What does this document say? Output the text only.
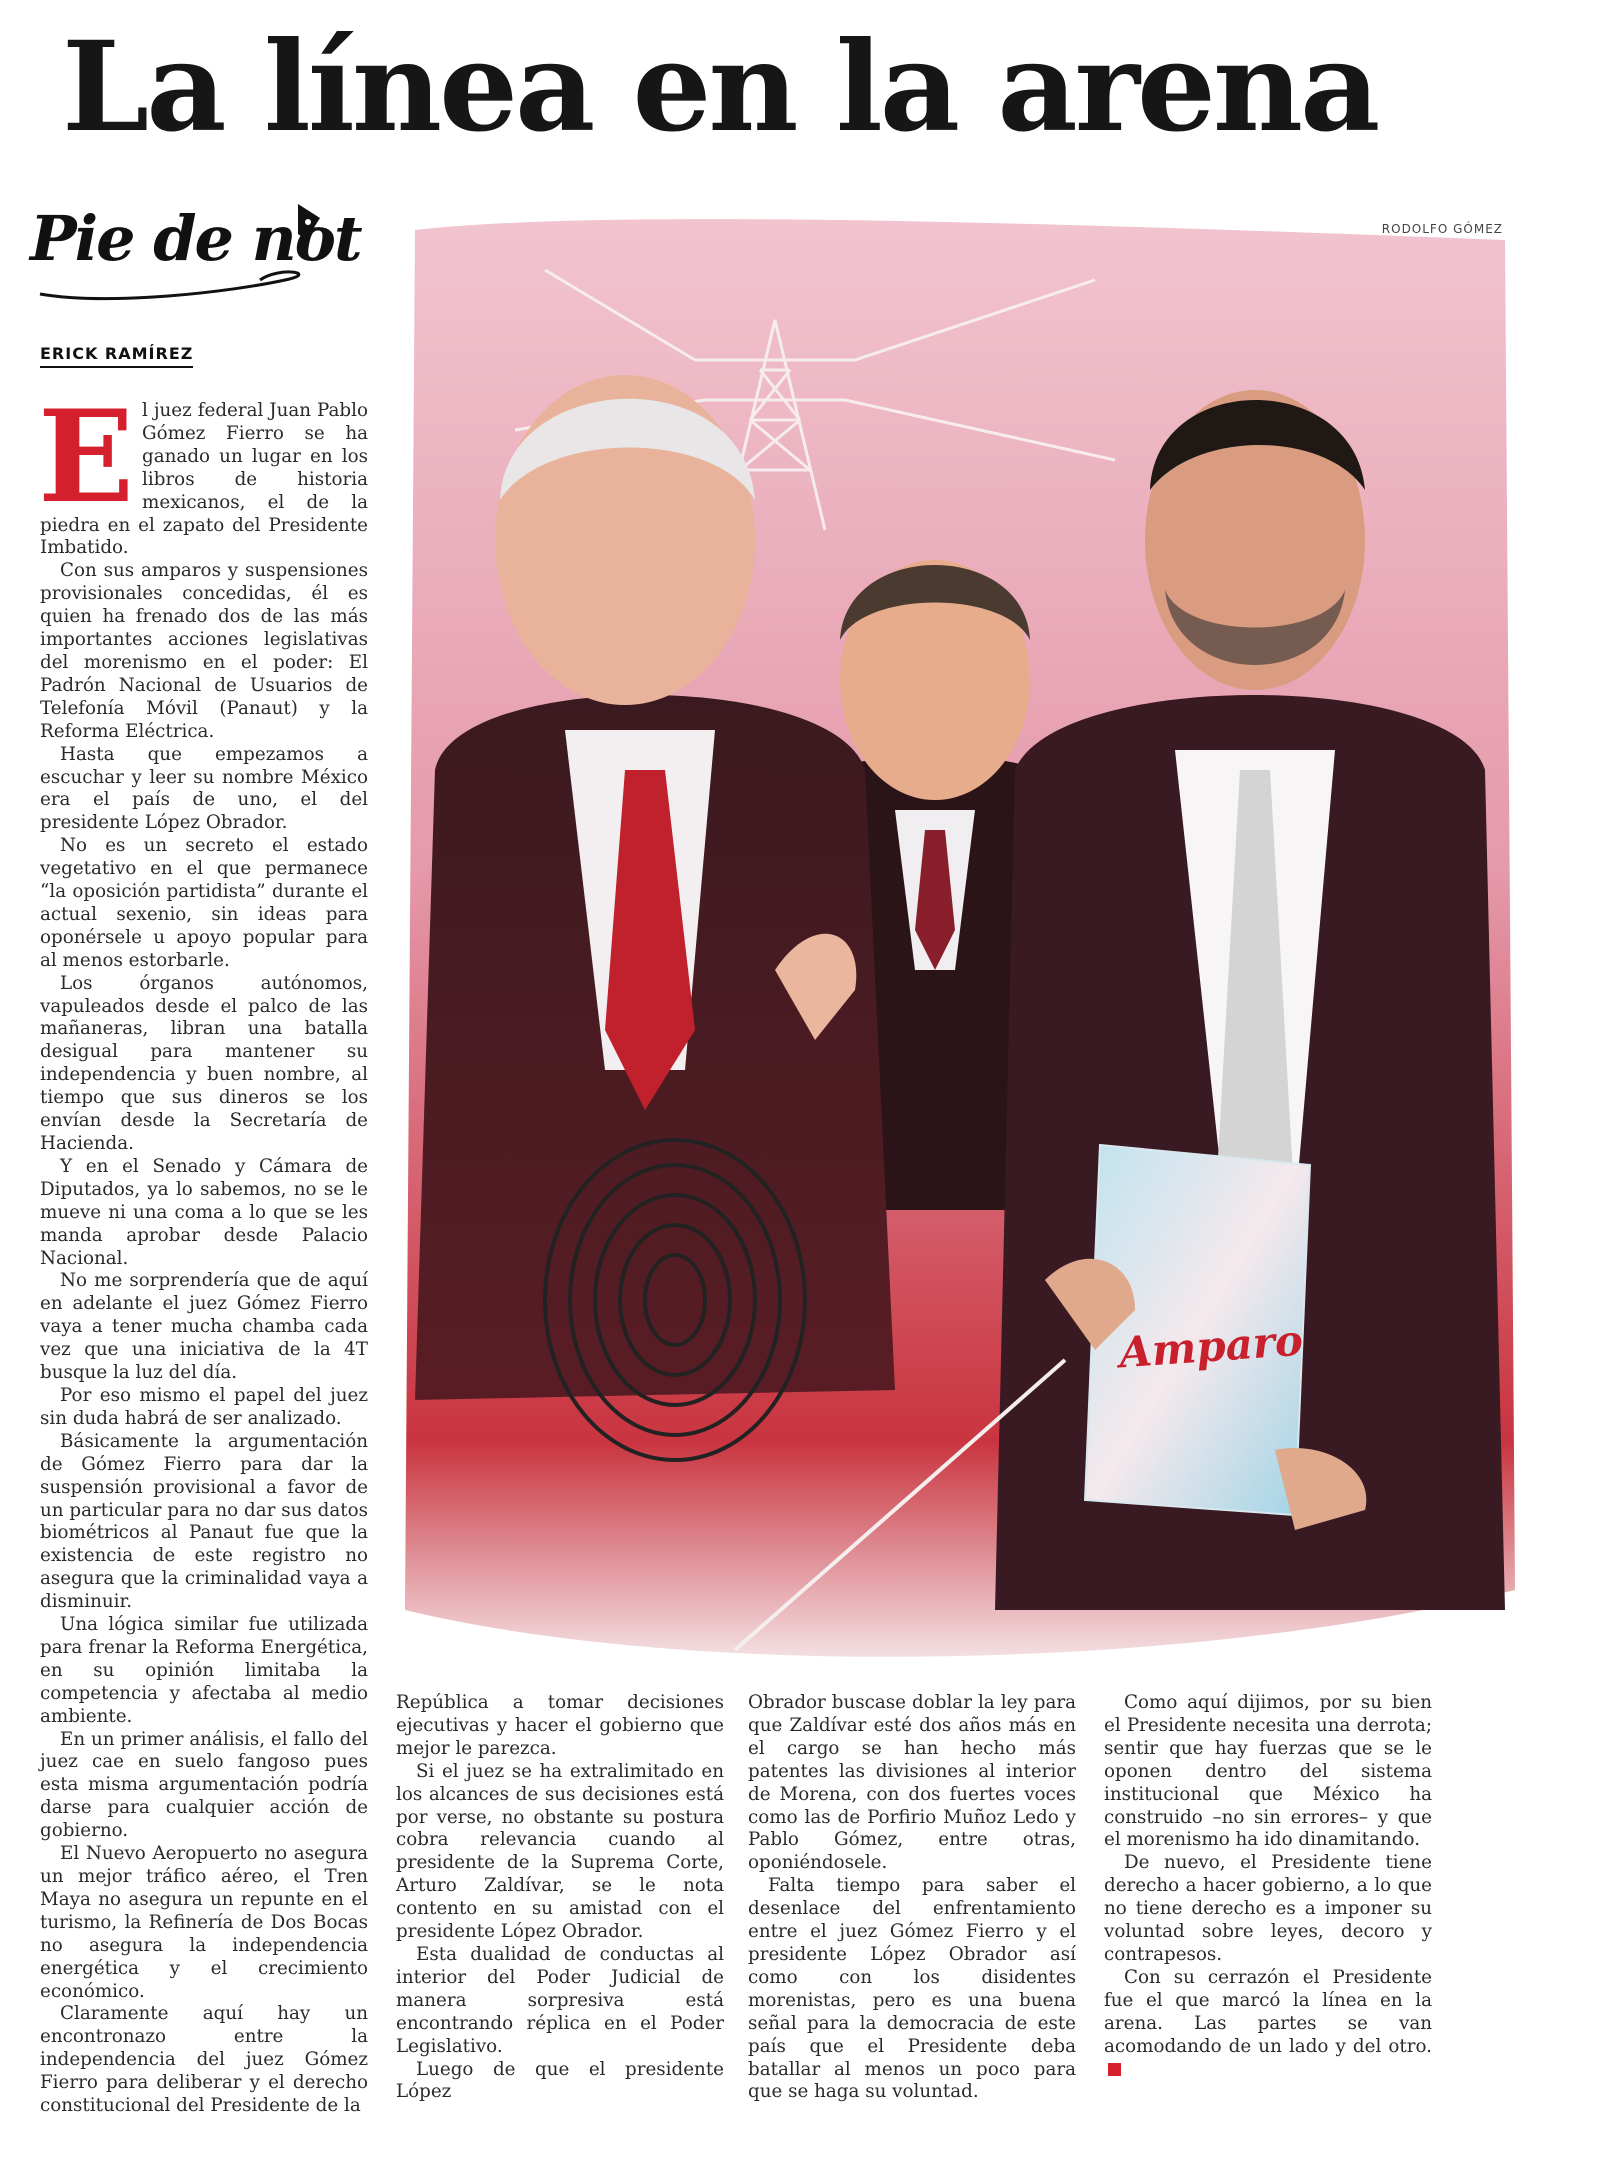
La línea en la arena
Pie de not	RODOLFO GÓMEZ
ERICK RAMÍREZ
Amparo

El juez federal Juan Pablo Gómez Fierro se ha ganado un lugar en los libros de historia mexicanos, el de la piedra en el zapato del Presidente Imbatido.

Con sus amparos y suspensiones provisionales concedidas, él es quien ha frenado dos de las más importantes acciones legislativas del morenismo en el poder: El Padrón Nacional de Usuarios de Telefonía Móvil (Panaut) y la Reforma Eléctrica.

Hasta que empezamos a escuchar y leer su nombre México era el país de uno, el del presidente López Obrador.

No es un secreto el estado vegetativo en el que permanece “la oposición partidista” durante el actual sexenio, sin ideas para oponérsele u apoyo popular para al menos estorbarle.

Los órganos autónomos, vapuleados desde el palco de las mañaneras, libran una batalla desigual para mantener su independencia y buen nombre, al tiempo que sus dineros se los envían desde la Secretaría de Hacienda.

Y en el Senado y Cámara de Diputados, ya lo sabemos, no se le mueve ni una coma a lo que se les manda aprobar desde Palacio Nacional.

No me sorprendería que de aquí en adelante el juez Gómez Fierro vaya a tener mucha chamba cada vez que una iniciativa de la 4T busque la luz del día.

Por eso mismo el papel del juez sin duda habrá de ser analizado.

Básicamente la argumentación de Gómez Fierro para dar la suspensión provisional a favor de un particular para no dar sus datos biométricos al Panaut fue que la existencia de este registro no asegura que la criminalidad vaya a disminuir.

Una lógica similar fue utilizada para frenar la Reforma Energética, en su opinión limitaba la competencia y afectaba al medio ambiente.

En un primer análisis, el fallo del juez cae en suelo fangoso pues esta misma argumentación podría darse para cualquier acción de gobierno.

El Nuevo Aeropuerto no asegura un mejor tráfico aéreo, el Tren Maya no asegura un repunte en el turismo, la Refinería de Dos Bocas no asegura la independencia energética y el crecimiento económico.

Claramente aquí hay un encontronazo entre la independencia del juez Gómez Fierro para deliberar y el derecho constitucional del Presidente de la

República a tomar decisiones ejecutivas y hacer el gobierno que mejor le parezca.

Si el juez se ha extralimitado en los alcances de sus decisiones está por verse, no obstante su postura cobra relevancia cuando al presidente de la Suprema Corte, Arturo Zaldívar, se le nota contento en su amistad con el presidente López Obrador.

Esta dualidad de conductas al interior del Poder Judicial de manera sorpresiva está encontrando réplica en el Poder Legislativo.

Luego de que el presidente López

Obrador buscase doblar la ley para que Zaldívar esté dos años más en el cargo se han hecho más patentes las divisiones al interior de Morena, con dos fuertes voces como las de Porfirio Muñoz Ledo y Pablo Gómez, entre otras, oponiéndosele.

Falta tiempo para saber el desenlace del enfrentamiento entre el juez Gómez Fierro y el presidente López Obrador así como con los disidentes morenistas, pero es una buena señal para la democracia de este país que el Presidente deba batallar al menos un poco para que se haga su voluntad.

Como aquí dijimos, por su bien el Presidente necesita una derrota; sentir que hay fuerzas que se le oponen dentro del sistema institucional que México ha construido –no sin errores– y que el morenismo ha ido dinamitando.

De nuevo, el Presidente tiene derecho a hacer gobierno, a lo que no tiene derecho es a imponer su voluntad sobre leyes, decoro y contrapesos.

Con su cerrazón el Presidente fue el que marcó la línea en la arena. Las partes se van acomodando de un lado y del otro.‡
